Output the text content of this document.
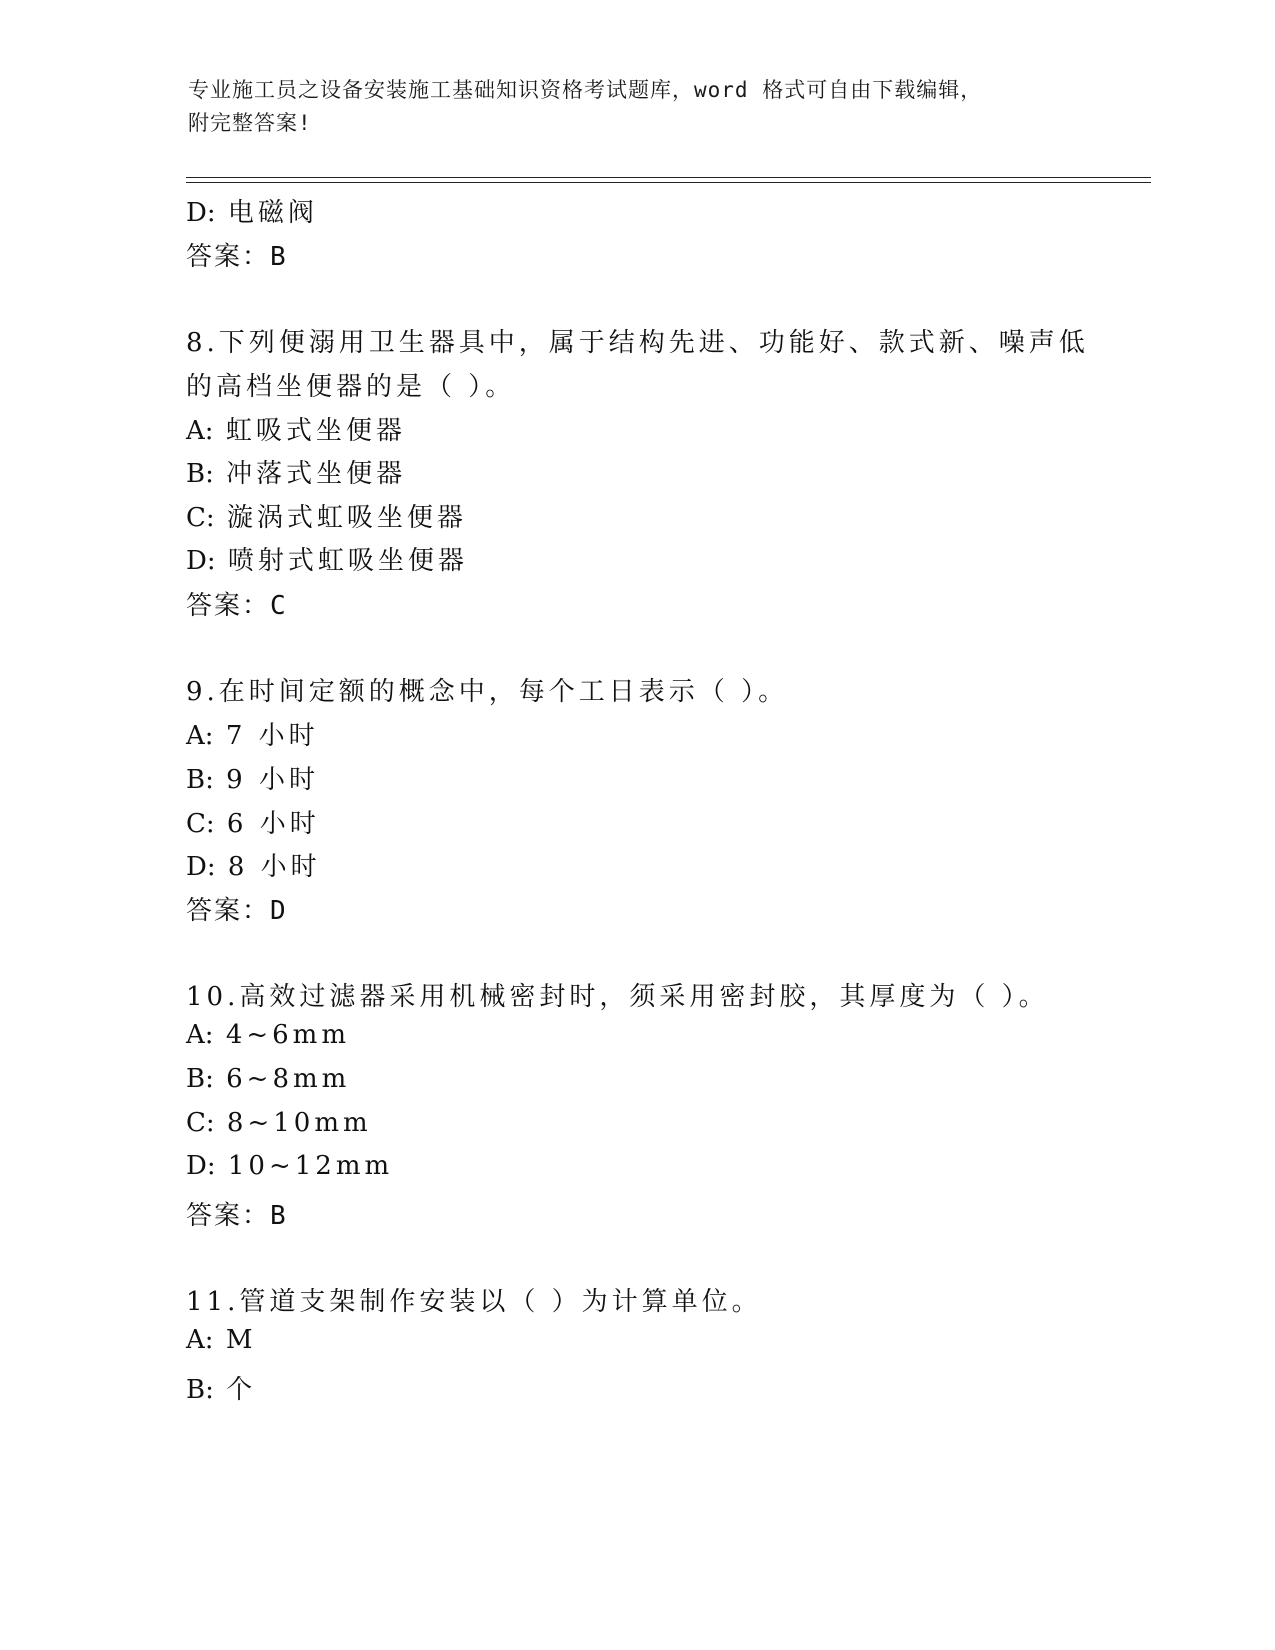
专业施工员之设备安装施工基础知识资格考试题库，word 格式可自由下载编辑，
附完整答案!
D: 电磁阀
答案：B
8.下列便溺用卫生器具中，属于结构先进、功能好、款式新、噪声低
的高档坐便器的是（ ）。
A: 虹吸式坐便器
B: 冲落式坐便器
C: 漩涡式虹吸坐便器
D: 喷射式虹吸坐便器
答案：C
9.在时间定额的概念中，每个工日表示（ ）。
A: 7 小时
B: 9 小时
C: 6 小时
D: 8 小时
答案：D
10.高效过滤器采用机械密封时，须采用密封胶，其厚度为（ ）。
A: 4~6mm
B: 6~8mm
C: 8~10mm
D: 10~12mm
答案：B
11.管道支架制作安装以（ ）为计算单位。
A: M
B: 个
